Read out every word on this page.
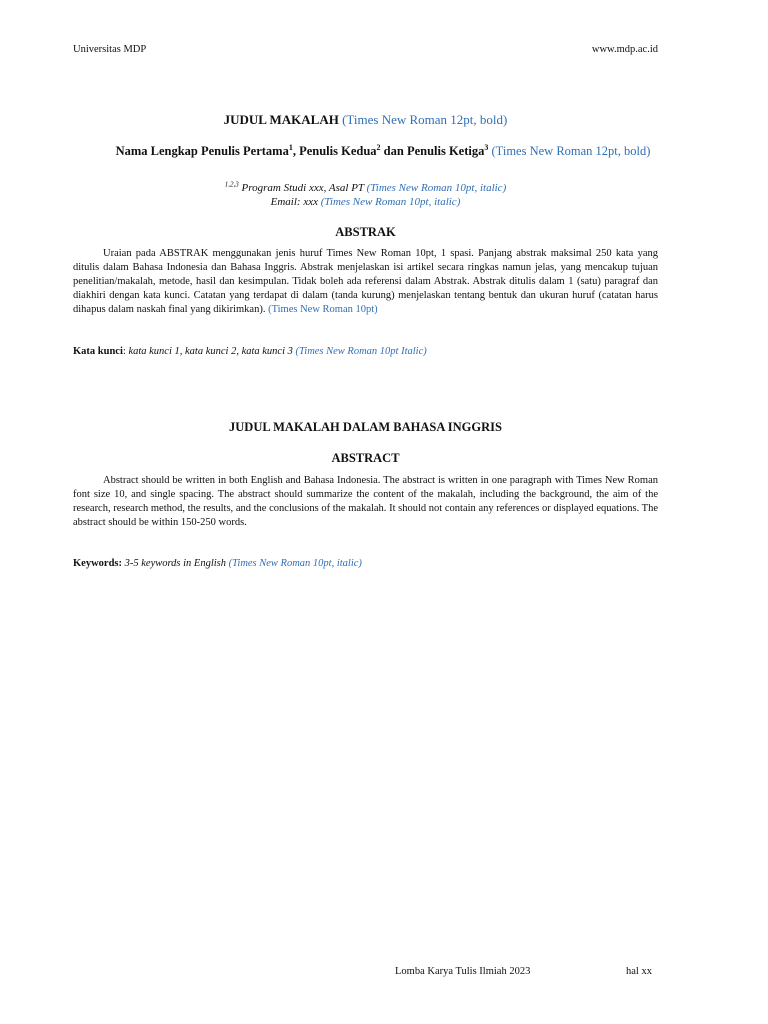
Universitas MDP	www.mdp.ac.id
JUDUL MAKALAH (Times New Roman 12pt, bold)
Nama Lengkap Penulis Pertama$^1$, Penulis Kedua$^2$ dan Penulis Ketiga$^3$ (Times New Roman 12pt, bold)
$^{1,2,3}$ Program Studi xxx, Asal PT (Times New Roman 10pt, italic)
Email: xxx (Times New Roman 10pt, italic)
ABSTRAK
Uraian pada ABSTRAK menggunakan jenis huruf Times New Roman 10pt, 1 spasi. Panjang abstrak maksimal 250 kata yang ditulis dalam Bahasa Indonesia dan Bahasa Inggris. Abstrak menjelaskan isi artikel secara ringkas namun jelas, yang mencakup tujuan penelitian/makalah, metode, hasil dan kesimpulan. Tidak boleh ada referensi dalam Abstrak. Abstrak ditulis dalam 1 (satu) paragraf dan diakhiri dengan kata kunci. Catatan yang terdapat di dalam (tanda kurung) menjelaskan tentang bentuk dan ukuran huruf (catatan harus dihapus dalam naskah final yang dikirimkan). (Times New Roman 10pt)
Kata kunci: kata kunci 1, kata kunci 2, kata kunci 3 (Times New Roman 10pt Italic)
JUDUL MAKALAH DALAM BAHASA INGGRIS
ABSTRACT
Abstract should be written in both English and Bahasa Indonesia. The abstract is written in one paragraph with Times New Roman font size 10, and single spacing. The abstract should summarize the content of the makalah, including the background, the aim of the research, research method, the results, and the conclusions of the makalah. It should not contain any references or displayed equations. The abstract should be within 150-250 words.
Keywords: 3-5 keywords in English (Times New Roman 10pt, italic)
Lomba Karya Tulis Ilmiah 2023	hal xx
